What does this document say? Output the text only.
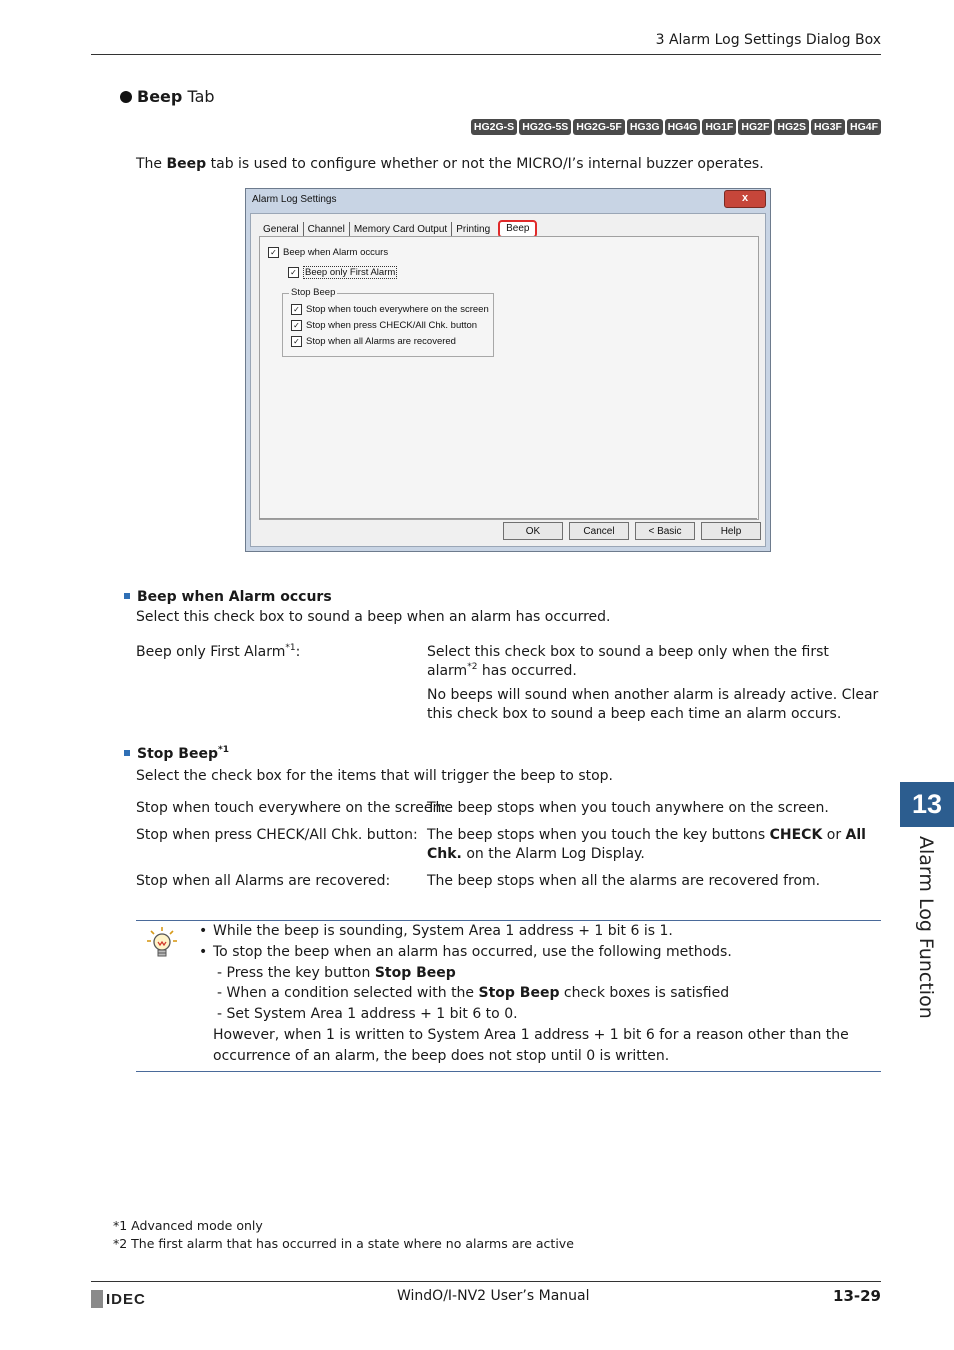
3 Alarm Log Settings Dialog Box
Beep Tab
HG2G-S HG2G-5S HG2G-5F HG3G HG4G HG1F HG2F HG2S HG3F HG4F
The Beep tab is used to configure whether or not the MICRO/I’s internal buzzer operates.
Alarm Log Settings	x
General Channel Memory Card Output Printing	Beep
✓ Beep when Alarm occurs
✓ Beep only First Alarm
Stop Beep
✓ Stop when touch everywhere on the screen
✓ Stop when press CHECK/All Chk. button
✓ Stop when all Alarms are recovered
OK	Cancel	< Basic	Help
Beep when Alarm occurs
Select this check box to sound a beep when an alarm has occurred.
Beep only First Alarm$^{*1}$:	Select this check box to sound a beep only when the first alarm$^{*2}$ has occurred.
No beeps will sound when another alarm is already active. Clear this check box to sound a beep each time an alarm occurs.
Stop Beep$^{*1}$
Select the check box for the items that will trigger the beep to stop.
Stop when touch everywhere on the screen:
The beep stops when you touch anywhere on the screen.
Stop when press CHECK/All Chk. button: The beep stops when you touch the key buttons CHECK or All Chk. on the Alarm Log Display.
Stop when all Alarms are recovered:	The beep stops when all the alarms are recovered from.
• While the beep is sounding, System Area 1 address + 1 bit 6 is 1.
• To stop the beep when an alarm has occurred, use the following methods.
- Press the key button Stop Beep
- When a condition selected with the Stop Beep check boxes is satisfied
- Set System Area 1 address + 1 bit 6 to 0.
However, when 1 is written to System Area 1 address + 1 bit 6 for a reason other than the occurrence of an alarm, the beep does not stop until 0 is written.
*1 Advanced mode only
*2 The first alarm that has occurred in a state where no alarms are active
IDEC	WindO/I-NV2 User’s Manual	13-29
13
Alarm Log Function
